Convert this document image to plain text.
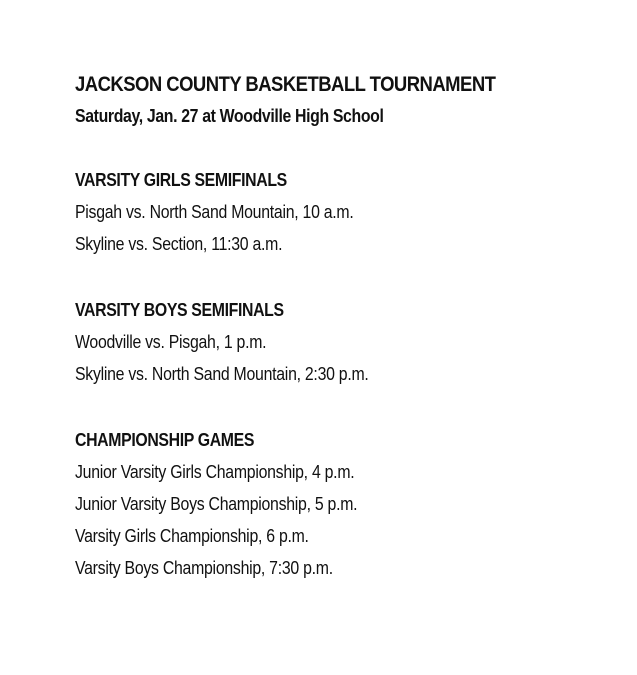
JACKSON COUNTY BASKETBALL TOURNAMENT

Saturday, Jan. 27 at Woodville High School

VARSITY GIRLS SEMIFINALS
Pisgah vs. North Sand Mountain, 10 a.m.
Skyline vs. Section, 11:30 a.m.
VARSITY BOYS SEMIFINALS
Woodville vs. Pisgah, 1 p.m.
Skyline vs. North Sand Mountain, 2:30 p.m.
CHAMPIONSHIP GAMES
Junior Varsity Girls Championship, 4 p.m.
Junior Varsity Boys Championship, 5 p.m.
Varsity Girls Championship, 6 p.m.
Varsity Boys Championship, 7:30 p.m.
